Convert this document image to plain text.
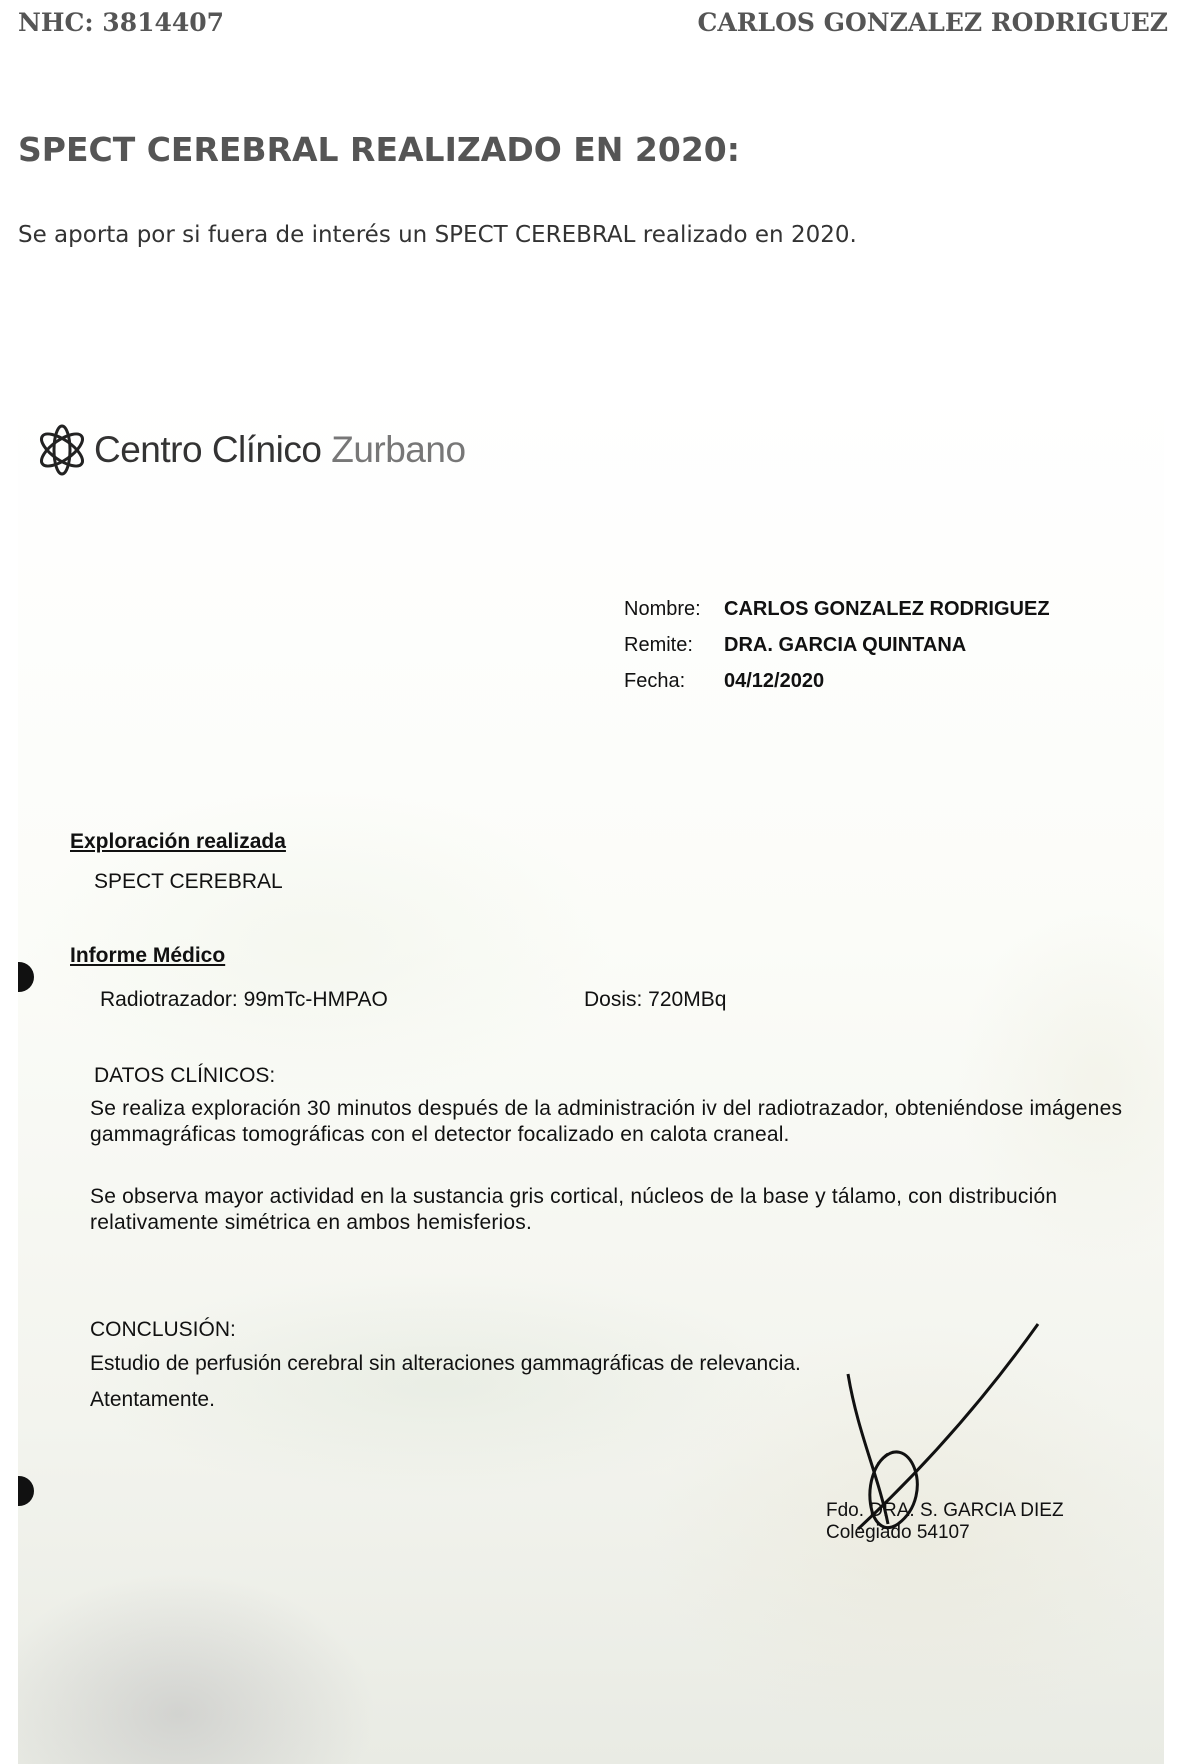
NHC: 3814407	CARLOS GONZALEZ RODRIGUEZ
SPECT CEREBRAL REALIZADO EN 2020:
Se aporta por si fuera de interés un SPECT CEREBRAL realizado en 2020.
Centro Clínico Zurbano
Nombre: CARLOS GONZALEZ RODRIGUEZ
Remite: DRA. GARCIA QUINTANA
Fecha: 04/12/2020
Exploración realizada
SPECT CEREBRAL
Informe Médico
Radiotrazador: 99mTc-HMPAO	Dosis: 720MBq
DATOS CLÍNICOS:
Se realiza exploración 30 minutos después de la administración iv del radiotrazador, obteniéndose imágenes gammagráficas tomográficas con el detector focalizado en calota craneal.
Se observa mayor actividad en la sustancia gris cortical, núcleos de la base y tálamo, con distribución relativamente simétrica en ambos hemisferios.
CONCLUSIÓN:
Estudio de perfusión cerebral sin alteraciones gammagráficas de relevancia.
Atentamente.
Fdo. DRA. S. GARCIA DIEZ
Colegiado 54107
